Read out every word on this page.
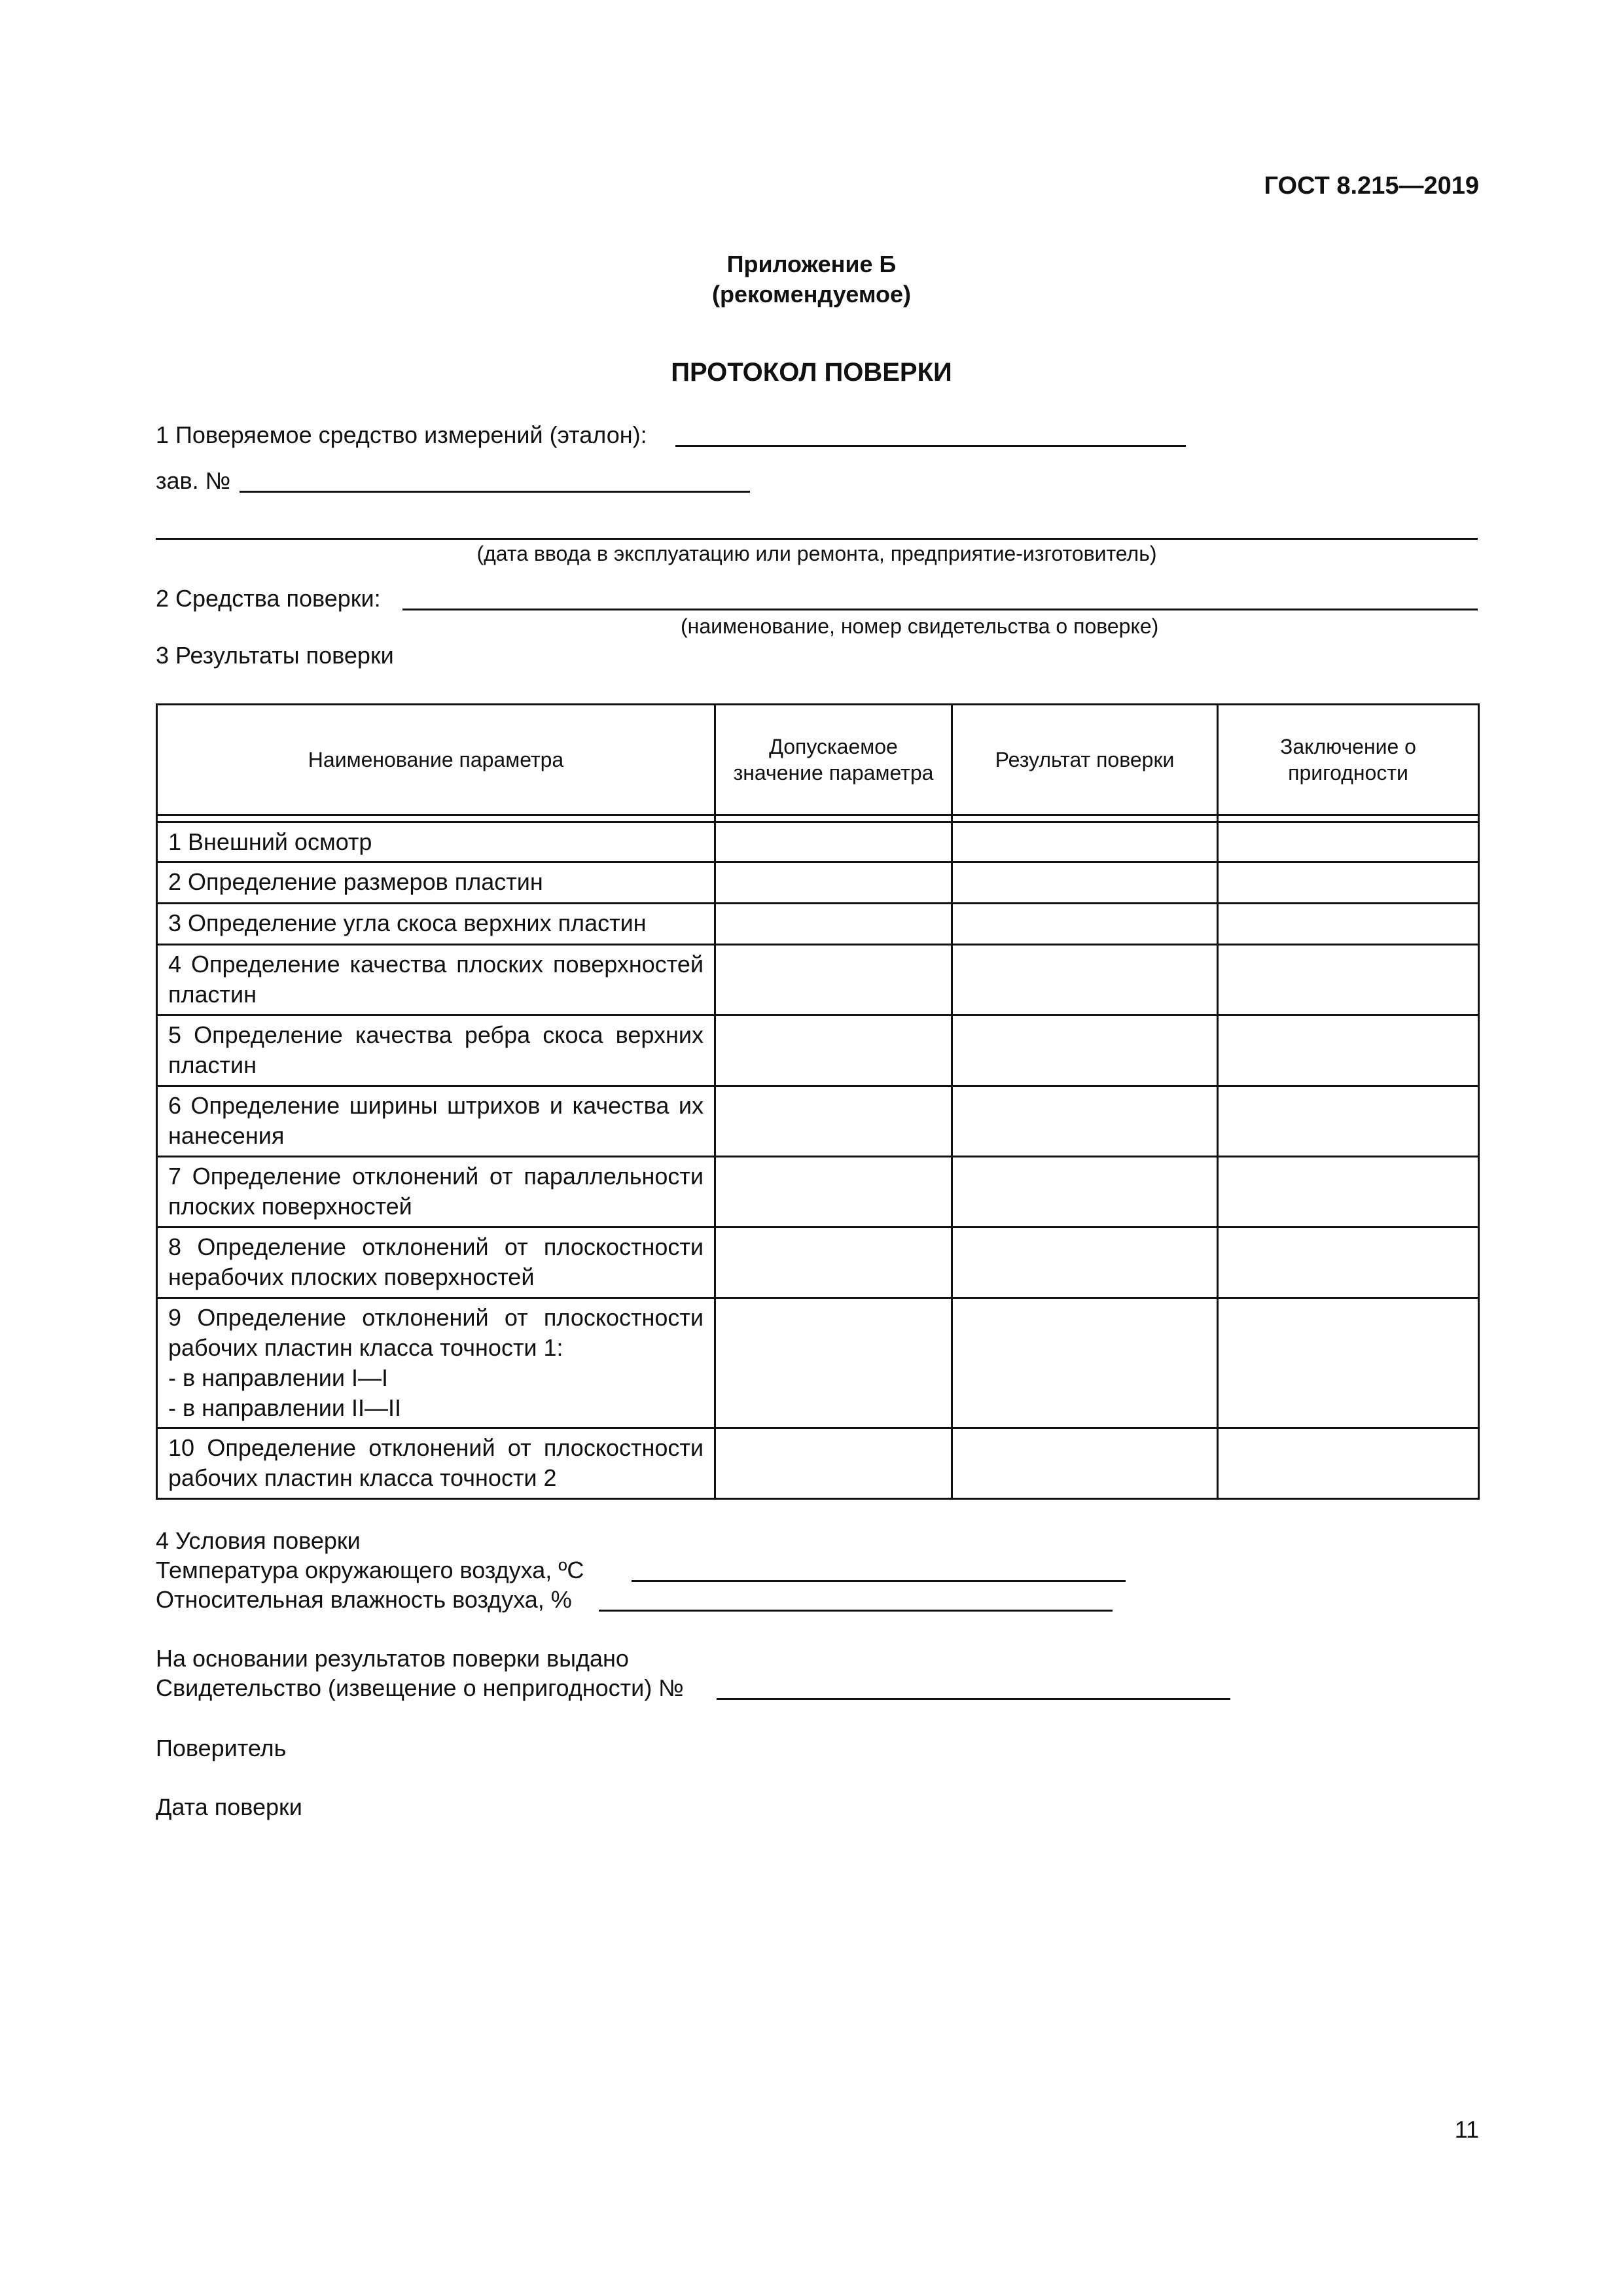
ГОСТ 8.215—2019
Приложение Б
(рекомендуемое)
ПРОТОКОЛ ПОВЕРКИ
1 Поверяемое средство измерений (эталон):
зав. №
(дата ввода в эксплуатацию или ремонта, предприятие-изготовитель)
2 Средства поверки:
(наименование, номер свидетельства о поверке)
3 Результаты поверки
Наименование параметра	Допускаемое значение параметра	Результат поверки	Заключение о пригодности

1 Внешний осмотр			
2 Определение размеров пластин			
3 Определение угла скоса верхних пластин			
4 Определение качества плоских поверхностей пластин			
5 Определение качества ребра скоса верхних пластин			
6 Определение ширины штрихов и качества их нанесения			
7 Определение отклонений от параллельности плоских поверхностей			
8 Определение отклонений от плоскостности нерабочих плоских поверхностей			

9 Определение отклонений от плоскостности рабочих пластин класса точности 1:
- в направлении I—I
- в направлении II—II			

10 Определение отклонений от плоскостности рабочих пластин класса точности 2			
4 Условия поверки
Температура окружающего воздуха, ºС
Относительная влажность воздуха, %
На основании результатов поверки выдано
Свидетельство (извещение о непригодности) №
Поверитель
Дата поверки
11
